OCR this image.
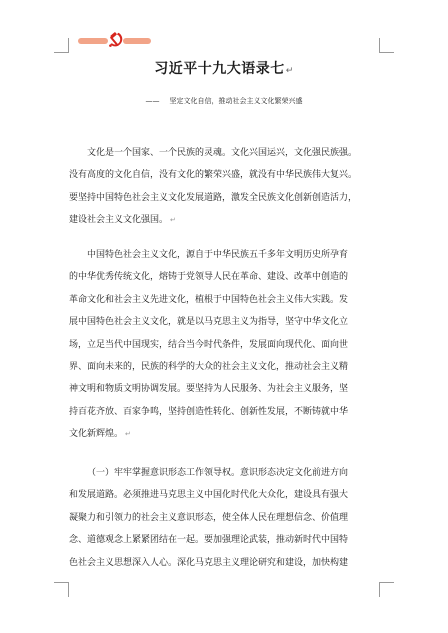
习近平十九大语录七↵
—— 坚定文化自信，推动社会主义文化繁荣兴盛
文化是一个国家、一个民族的灵魂。文化兴国运兴，文化强民族强。
没有高度的文化自信，没有文化的繁荣兴盛，就没有中华民族伟大复兴。
要坚持中国特色社会主义文化发展道路，激发全民族文化创新创造活力，
建设社会主义文化强国。 ↵
中国特色社会主义文化，源自于中华民族五千多年文明历史所孕育
的中华优秀传统文化，熔铸于党领导人民在革命、建设、改革中创造的
革命文化和社会主义先进文化，植根于中国特色社会主义伟大实践。发
展中国特色社会主义文化，就是以马克思主义为指导，坚守中华文化立
场，立足当代中国现实，结合当今时代条件，发展面向现代化、面向世
界、面向未来的，民族的科学的大众的社会主义文化，推动社会主义精
神文明和物质文明协调发展。要坚持为人民服务、为社会主义服务，坚
持百花齐放、百家争鸣，坚持创造性转化、创新性发展，不断铸就中华
文化新辉煌。 ↵
（一）牢牢掌握意识形态工作领导权。意识形态决定文化前进方向
和发展道路。必须推进马克思主义中国化时代化大众化，建设具有强大
凝聚力和引领力的社会主义意识形态，使全体人民在理想信念、价值理
念、道德观念上紧紧团结在一起。要加强理论武装，推动新时代中国特
色社会主义思想深入人心。深化马克思主义理论研究和建设，加快构建
